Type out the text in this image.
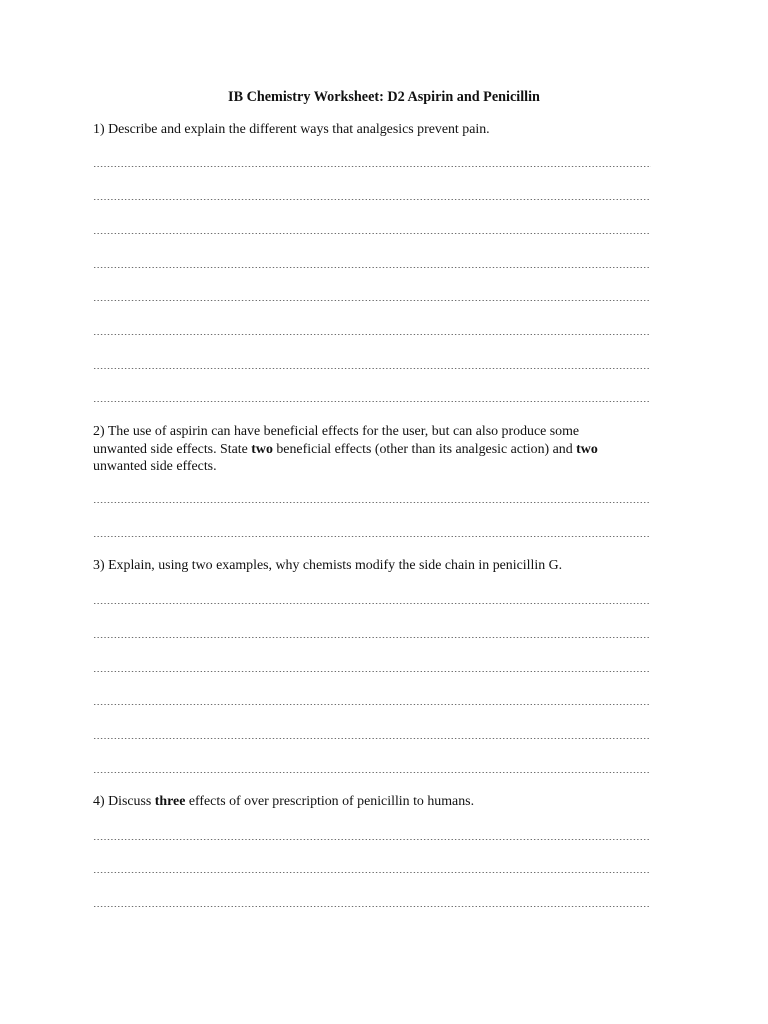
IB Chemistry Worksheet: D2 Aspirin and Penicillin
1) Describe and explain the different ways that analgesics prevent pain.
2) The use of aspirin can have beneficial effects for the user, but can also produce some
unwanted side effects. State two beneficial effects (other than its analgesic action) and two
unwanted side effects.
3) Explain, using two examples, why chemists modify the side chain in penicillin G.
4) Discuss three effects of over prescription of penicillin to humans.
